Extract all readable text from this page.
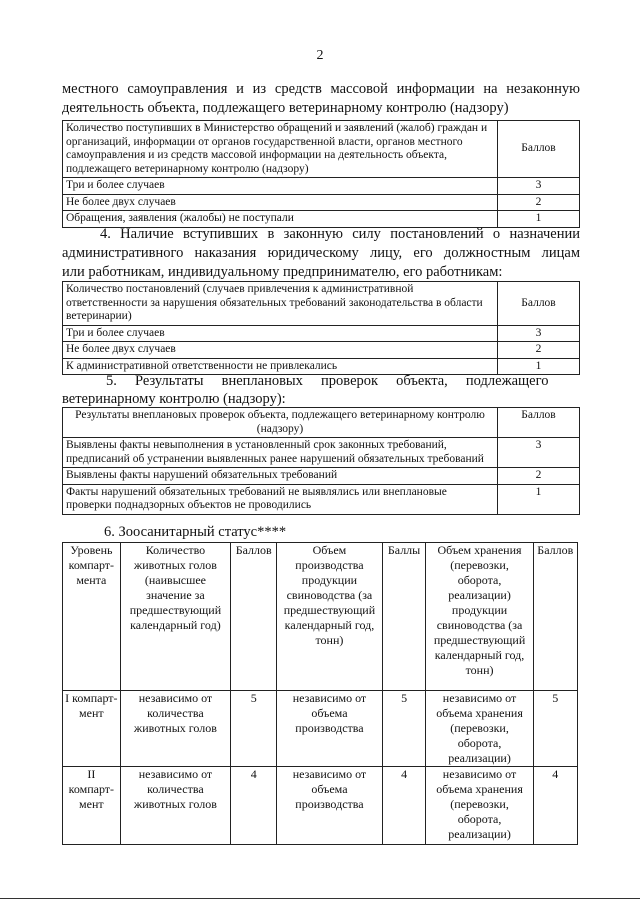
2
местного самоуправления и из средств массовой информации на незаконную
деятельность объекта, подлежащего ветеринарному контролю (надзору)
Количество поступивших в Министерство обращений и заявлений (жалоб) граждан и организаций, информации от органов государственной власти, органов местного самоуправления и из средств массовой информации на деятельность объекта, подлежащего ветеринарному контролю (надзору)	Баллов
Три и более случаев	3
Не более двух случаев	2
Обращения, заявления (жалобы) не поступали	1
4. Наличие вступивших в законную силу постановлений о назначении
административного наказания юридическому лицу, его должностным лицам
или работникам, индивидуальному предпринимателю, его работникам:
Количество постановлений (случаев привлечения к административной ответственности за нарушения обязательных требований законодательства в области ветеринарии)	Баллов
Три и более случаев	3
Не более двух случаев	2
К административной ответственности не привлекались	1
5.     Результаты     внеплановых     проверок     объекта,     подлежащего
ветеринарному контролю (надзору):
Результаты внеплановых проверок объекта, подлежащего ветеринарному контролю (надзору)	Баллов
Выявлены факты невыполнения в установленный срок законных требований, предписаний об устранении выявленных ранее нарушений обязательных требований	3
Выявлены факты нарушений обязательных требований	2
Факты нарушений обязательных требований не выявлялись или внеплановые проверки поднадзорных объектов не проводились	1
6. Зоосанитарный статус****
Уровень компарт-мента	Количество животных голов (наивысшее значение за предшествующий календарный год)	Баллов	Объем производства продукции свиноводства (за предшествующий календарный год, тонн)	Баллы	Объем хранения (перевозки, оборота, реализации) продукции свиноводства (за предшествующий календарный год, тонн)	Баллов
I компарт-мент	независимо от количества животных голов	5	независимо от объема производства	5	независимо от объема хранения (перевозки, оборота, реализации)	5
II компарт-мент	независимо от количества животных голов	4	независимо от объема производства	4	независимо от объема хранения (перевозки, оборота, реализации)	4
